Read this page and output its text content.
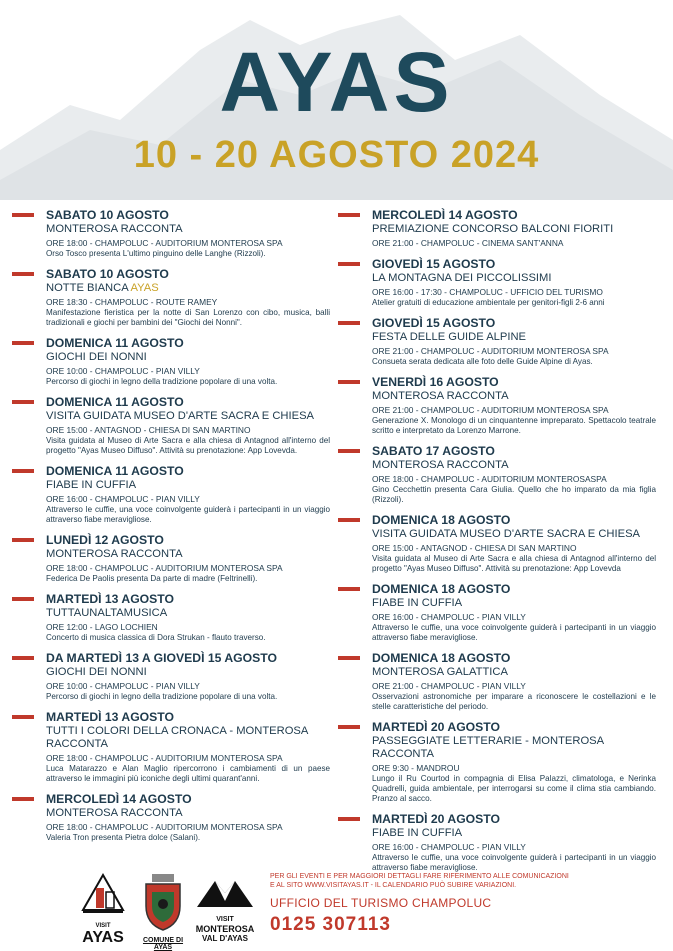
AYAS
10 - 20 AGOSTO 2024
SABATO 10 AGOSTO
MONTEROSA RACCONTA
ORE 18:00 - CHAMPOLUC - AUDITORIUM MONTEROSA SPA
Orso Tosco presenta L'ultimo pinguino delle Langhe (Rizzoli).
SABATO 10 AGOSTO
NOTTE BIANCA AYAS
ORE 18:30 - CHAMPOLUC - ROUTE RAMEY
Manifestazione fieristica per la notte di San Lorenzo con cibo, musica, balli tradizionali e giochi per bambini dei "Giochi dei Nonni".
DOMENICA 11 AGOSTO
GIOCHI DEI NONNI
ORE 10:00 - CHAMPOLUC - PIAN VILLY
Percorso di giochi in legno della tradizione popolare di una volta.
DOMENICA 11 AGOSTO
VISITA GUIDATA MUSEO D'ARTE SACRA E CHIESA
ORE 15:00 - ANTAGNOD - CHIESA DI SAN MARTINO
Visita guidata al Museo di Arte Sacra e alla chiesa di Antagnod all'interno del progetto "Ayas Museo Diffuso". Attività su prenotazione: App Lovevda.
DOMENICA 11 AGOSTO
FIABE IN CUFFIA
ORE 16:00 - CHAMPOLUC - PIAN VILLY
Attraverso le cuffie, una voce coinvolgente guiderà i partecipanti in un viaggio attraverso fiabe meravigliose.
LUNEDÌ 12 AGOSTO
MONTEROSA RACCONTA
ORE 18:00 - CHAMPOLUC - AUDITORIUM MONTEROSA SPA
Federica De Paolis presenta Da parte di madre (Feltrinelli).
MARTEDÌ 13 AGOSTO
TUTTAUNALTAMUSICA
ORE 12:00 - LAGO LOCHIEN
Concerto di musica classica di Dora Strukan - flauto traverso.
DA MARTEDÌ 13 A GIOVEDÌ 15 AGOSTO
GIOCHI DEI NONNI
ORE 10:00 - CHAMPOLUC - PIAN VILLY
Percorso di giochi in legno della tradizione popolare di una volta.
MARTEDÌ 13 AGOSTO
TUTTI I COLORI DELLA CRONACA - MONTEROSA RACCONTA
ORE 18:00 - CHAMPOLUC - AUDITORIUM MONTEROSA SPA
Luca Matarazzo e Alan Maglio ripercorrono i cambiamenti di un paese attraverso le immagini più iconiche degli ultimi quarant'anni.
MERCOLEDÌ 14 AGOSTO
MONTEROSA RACCONTA
ORE 18:00 - CHAMPOLUC - AUDITORIUM MONTEROSA SPA
Valeria Tron presenta Pietra dolce (Salani).
MERCOLEDÌ 14 AGOSTO
PREMIAZIONE CONCORSO BALCONI FIORITI
ORE 21:00 - CHAMPOLUC - CINEMA SANT'ANNA
GIOVEDÌ 15 AGOSTO
LA MONTAGNA DEI PICCOLISSIMI
ORE 16:00 - 17:30 - CHAMPOLUC - UFFICIO DEL TURISMO
Atelier gratuiti di educazione ambientale per genitori-figli 2-6 anni
GIOVEDÌ 15 AGOSTO
FESTA DELLE GUIDE ALPINE
ORE 21:00 - CHAMPOLUC - AUDITORIUM MONTEROSA SPA
Consueta serata dedicata alle foto delle Guide Alpine di Ayas.
VENERDÌ 16 AGOSTO
MONTEROSA RACCONTA
ORE 21:00 - CHAMPOLUC - AUDITORIUM MONTEROSA SPA
Generazione X. Monologo di un cinquantenne impreparato. Spettacolo teatrale scritto e interpretato da Lorenzo Marrone.
SABATO 17 AGOSTO
MONTEROSA RACCONTA
ORE 18:00 - CHAMPOLUC - AUDITORIUM MONTEROSASPA
Gino Cecchettin presenta Cara Giulia. Quello che ho imparato da mia figlia (Rizzoli).
DOMENICA 18 AGOSTO
VISITA GUIDATA MUSEO D'ARTE SACRA E CHIESA
ORE 15:00 - ANTAGNOD - CHIESA DI SAN MARTINO
Visita guidata al Museo di Arte Sacra e alla chiesa di Antagnod all'interno del progetto "Ayas Museo Diffuso". Attività su prenotazione: App Lovevda
DOMENICA 18 AGOSTO
FIABE IN CUFFIA
ORE 16:00 - CHAMPOLUC - PIAN VILLY
Attraverso le cuffie, una voce coinvolgente guiderà i partecipanti in un viaggio attraverso fiabe meravigliose.
DOMENICA 18 AGOSTO
MONTEROSA GALATTICA
ORE 21:00 - CHAMPOLUC - PIAN VILLY
Osservazioni astronomiche per imparare a riconoscere le costellazioni e le stelle caratteristiche del periodo.
MARTEDÌ 20 AGOSTO
PASSEGGIATE LETTERARIE - MONTEROSA RACCONTA
ORE 9:30 - MANDROU
Lungo il Ru Courtod in compagnia di Elisa Palazzi, climatologa, e Nerinka Quadrelli, guida ambientale, per interrogarsi su come il clima stia cambiando. Pranzo al sacco.
MARTEDÌ 20 AGOSTO
FIABE IN CUFFIA
ORE 16:00 - CHAMPOLUC - PIAN VILLY
Attraverso le cuffie, una voce coinvolgente guiderà i partecipanti in un viaggio attraverso fiabe meravigliose.
VISIT
AYAS	COMUNE DI AYAS
VISIT
MONTEROSA
VAL D'AYAS
PER GLI EVENTI E PER MAGGIORI DETTAGLI FARE RIFERIMENTO ALLE COMUNICAZIONI
E AL SITO WWW.VISITAYAS.IT - IL CALENDARIO PUÒ SUBIRE VARIAZIONI.
UFFICIO DEL TURISMO CHAMPOLUC
0125 307113
